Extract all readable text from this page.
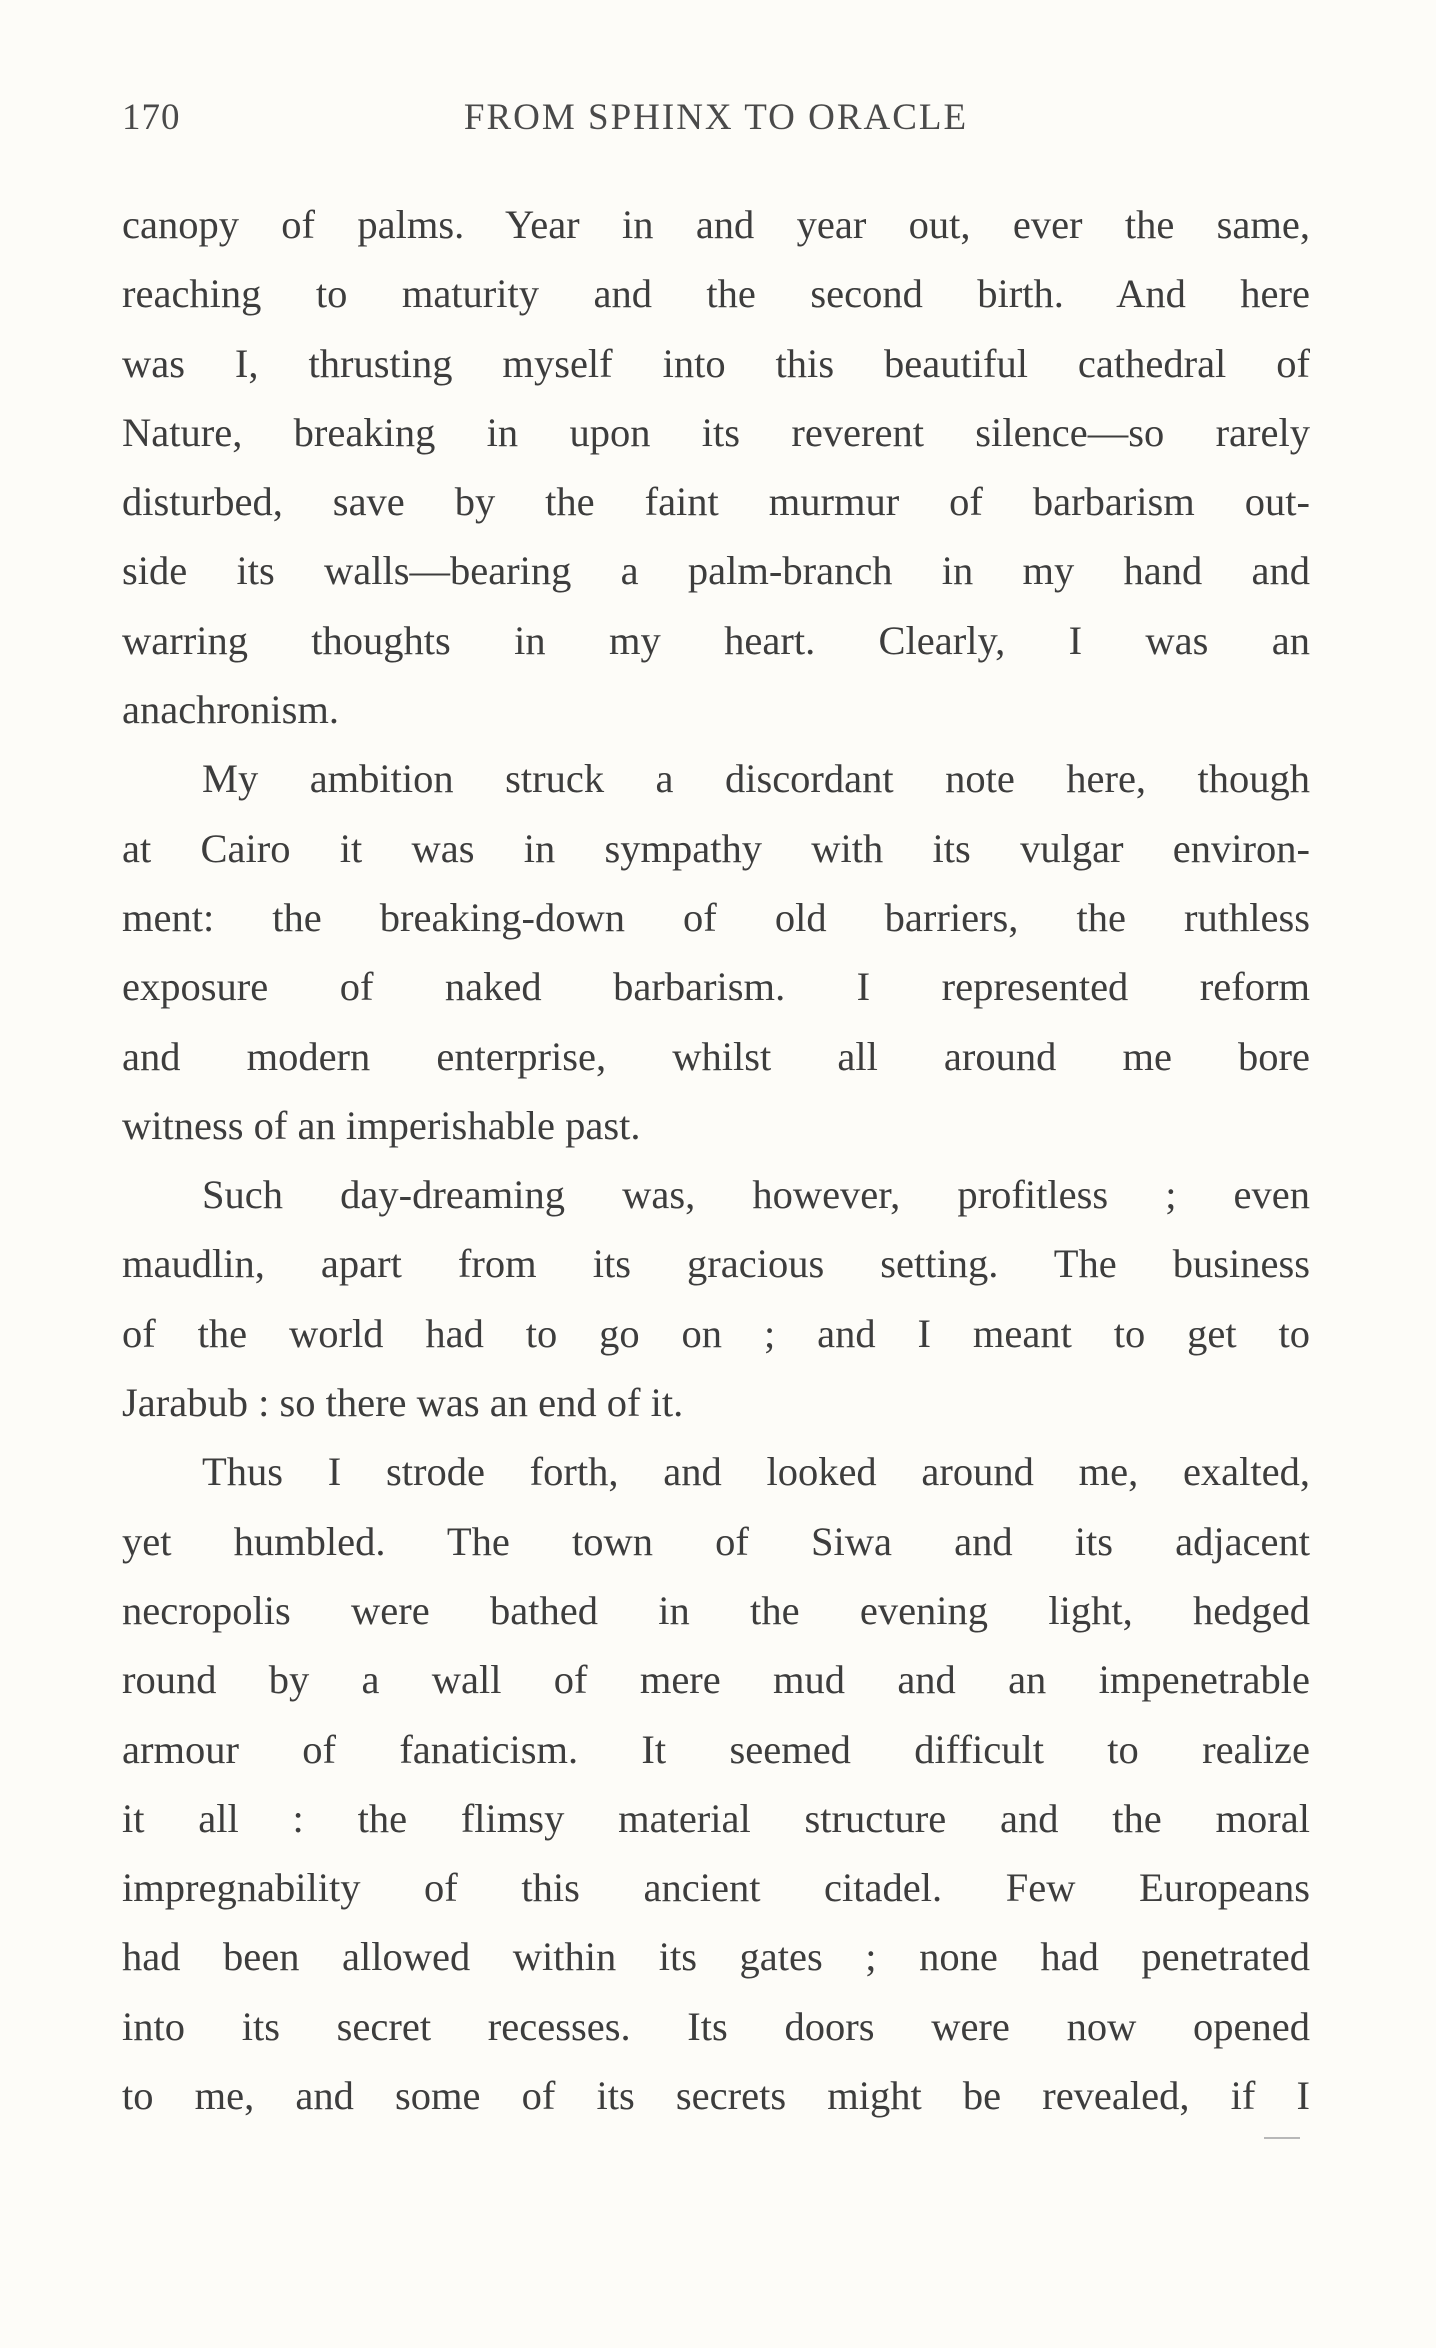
170	FROM SPHINX TO ORACLE
canopy of palms. Year in and year out, ever the same,
reaching to maturity and the second birth. And here
was I, thrusting myself into this beautiful cathedral of
Nature, breaking in upon its reverent silence—so rarely
disturbed, save by the faint murmur of barbarism out-
side its walls—bearing a palm-branch in my hand and
warring thoughts in my heart. Clearly, I was an
anachronism.
My ambition struck a discordant note here, though
at Cairo it was in sympathy with its vulgar environ-
ment: the breaking-down of old barriers, the ruthless
exposure of naked barbarism. I represented reform
and modern enterprise, whilst all around me bore
witness of an imperishable past.
Such day-dreaming was, however, profitless ; even
maudlin, apart from its gracious setting. The business
of the world had to go on ; and I meant to get to
Jarabub : so there was an end of it.
Thus I strode forth, and looked around me, exalted,
yet humbled. The town of Siwa and its adjacent
necropolis were bathed in the evening light, hedged
round by a wall of mere mud and an impenetrable
armour of fanaticism. It seemed difficult to realize
it all : the flimsy material structure and the moral
impregnability of this ancient citadel. Few Europeans
had been allowed within its gates ; none had penetrated
into its secret recesses. Its doors were now opened
to me, and some of its secrets might be revealed, if I
